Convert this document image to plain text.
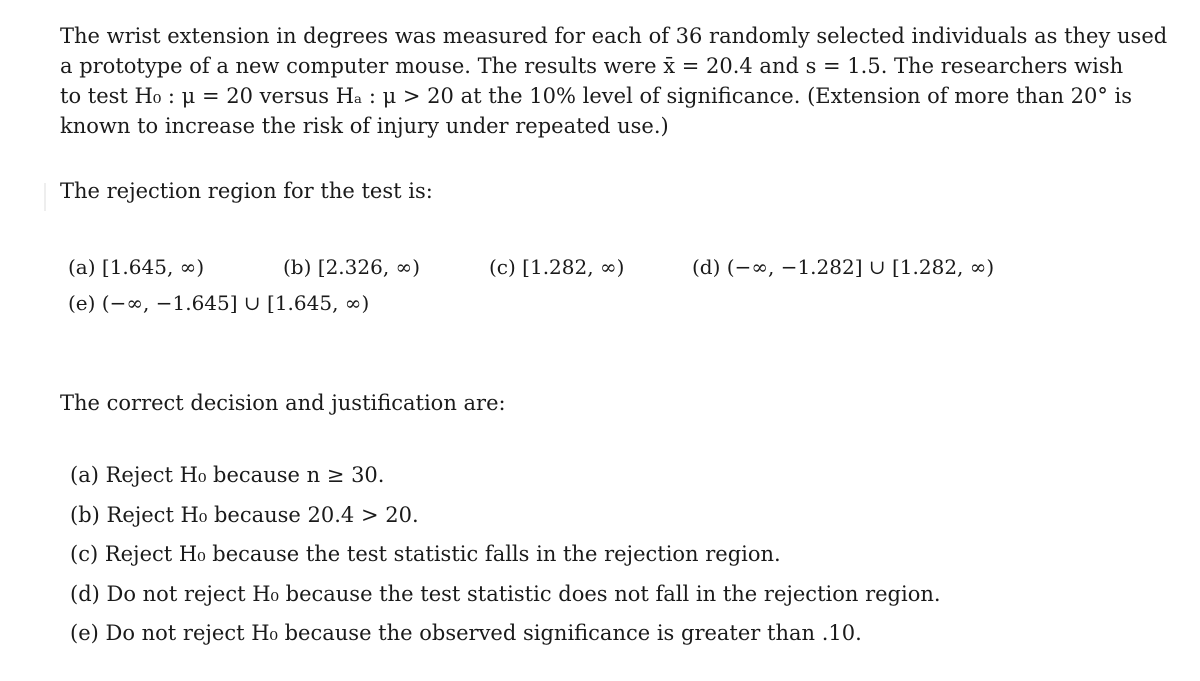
The wrist extension in degrees was measured for each of 36 randomly selected individuals as they used

a prototype of a new computer mouse. The results were x̄ = 20.4 and s = 1.5. The researchers wish

to test H₀ : μ = 20 versus Hₐ : μ > 20 at the 10% level of significance. (Extension of more than 20° is

known to increase the risk of injury under repeated use.)

The rejection region for the test is:

(a) [1.645, ∞)	(b) [2.326, ∞)	(c) [1.282, ∞)	(d) (−∞, −1.282] ∪ [1.282, ∞)
(e) (−∞, −1.645] ∪ [1.645, ∞)

The correct decision and justification are:

(a) Reject H₀ because n ≥ 30.

(b) Reject H₀ because 20.4 > 20.

(c) Reject H₀ because the test statistic falls in the rejection region.

(d) Do not reject H₀ because the test statistic does not fall in the rejection region.

(e) Do not reject H₀ because the observed significance is greater than .10.
